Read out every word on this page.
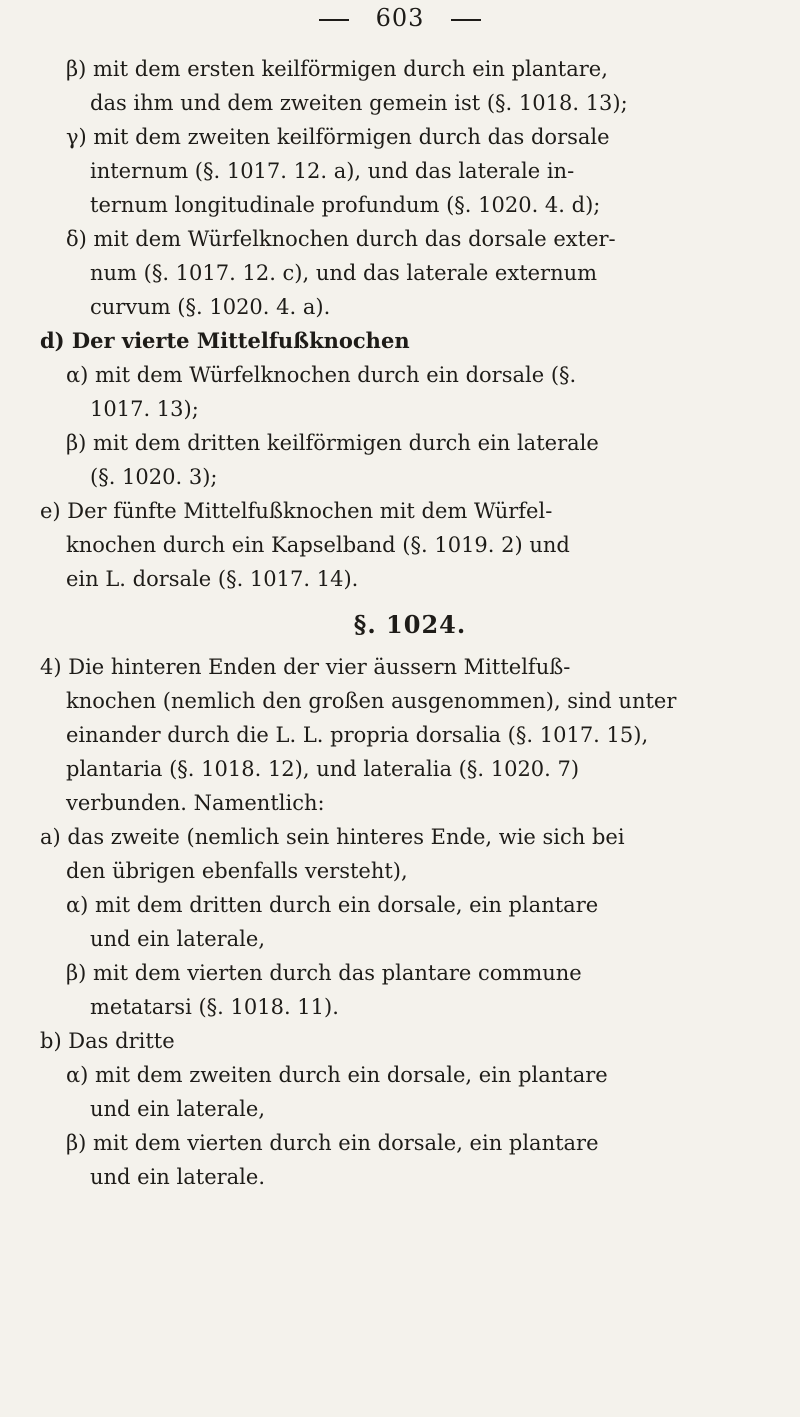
603
β) mit dem ersten keilförmigen durch ein plantare,
das ihm und dem zweiten gemein ist (§. 1018. 13);
γ) mit dem zweiten keilförmigen durch das dorsale
internum (§. 1017. 12. a), und das laterale in-
ternum longitudinale profundum (§. 1020. 4. d);
δ) mit dem Würfelknochen durch das dorsale exter-
num (§. 1017. 12. c), und das laterale externum
curvum (§. 1020. 4. a).
d) Der vierte Mittelfußknochen
α) mit dem Würfelknochen durch ein dorsale (§.
1017. 13);
β) mit dem dritten keilförmigen durch ein laterale
(§. 1020. 3);
e) Der fünfte Mittelfußknochen mit dem Würfel-
knochen durch ein Kapselband (§. 1019. 2) und
ein L. dorsale (§. 1017. 14).
§. 1024.
4) Die hinteren Enden der vier äussern Mittelfuß-
knochen (nemlich den großen ausgenommen), sind unter
einander durch die L. L. propria dorsalia (§. 1017. 15),
plantaria (§. 1018. 12), und lateralia (§. 1020. 7)
verbunden. Namentlich:
a) das zweite (nemlich sein hinteres Ende, wie sich bei
den übrigen ebenfalls versteht),
α) mit dem dritten durch ein dorsale, ein plantare
und ein laterale,
β) mit dem vierten durch das plantare commune
metatarsi (§. 1018. 11).
b) Das dritte
α) mit dem zweiten durch ein dorsale, ein plantare
und ein laterale,
β) mit dem vierten durch ein dorsale, ein plantare
und ein laterale.
